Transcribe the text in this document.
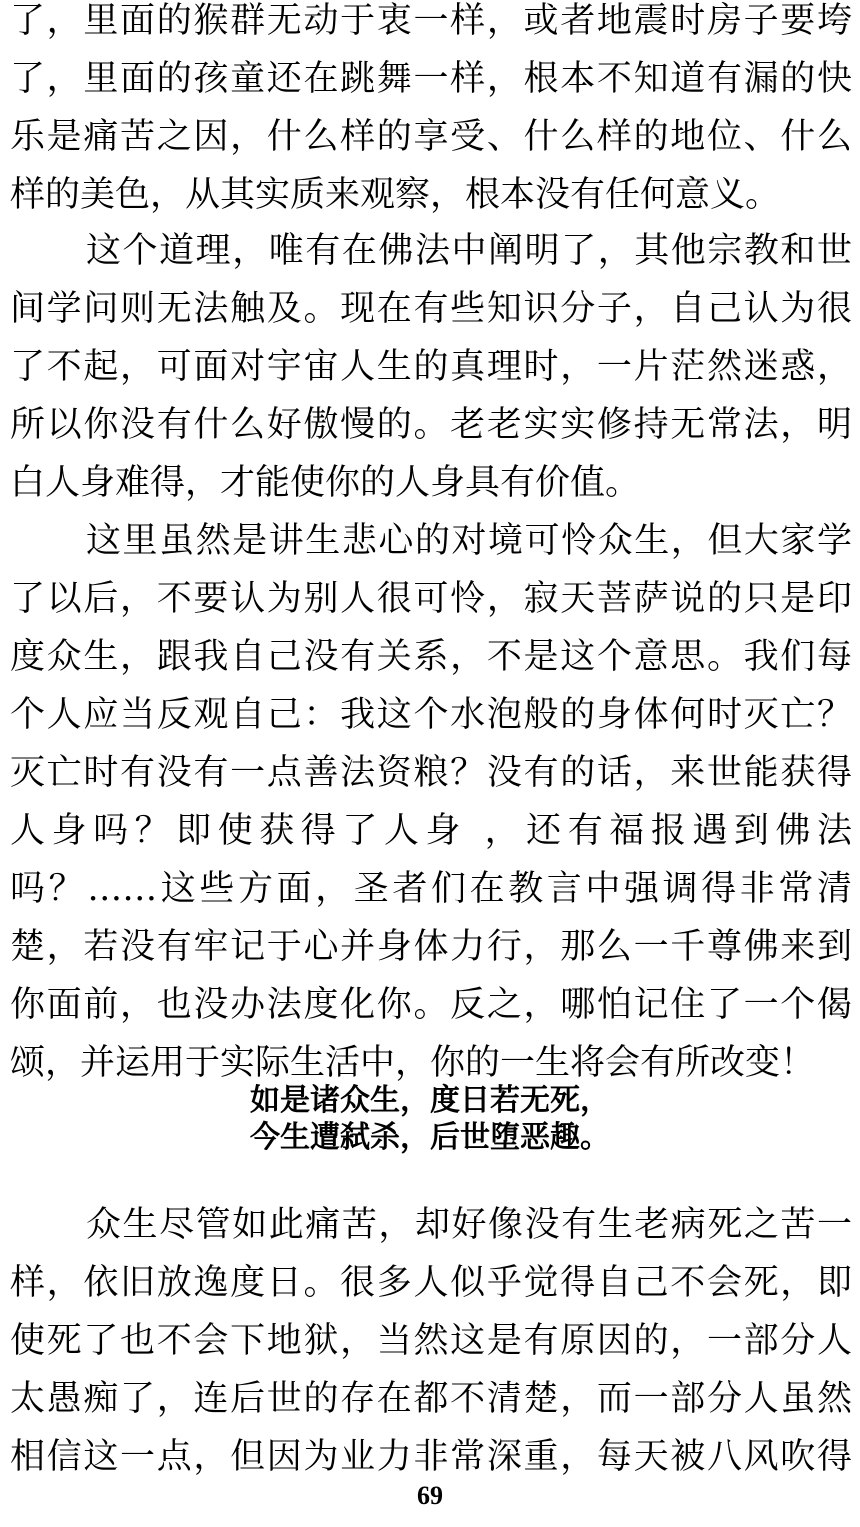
了，里面的猴群无动于衷一样，或者地震时房子要垮
了，里面的孩童还在跳舞一样，根本不知道有漏的快
乐是痛苦之因，什么样的享受、什么样的地位、什么
样的美色，从其实质来观察，根本没有任何意义。
这个道理，唯有在佛法中阐明了，其他宗教和世
间学问则无法触及。现在有些知识分子，自己认为很
了不起，可面对宇宙人生的真理时，一片茫然迷惑，
所以你没有什么好傲慢的。老老实实修持无常法，明
白人身难得，才能使你的人身具有价值。
这里虽然是讲生悲心的对境可怜众生，但大家学
了以后，不要认为别人很可怜，寂天菩萨说的只是印
度众生，跟我自己没有关系，不是这个意思。我们每
个人应当反观自己：我这个水泡般的身体何时灭亡？
灭亡时有没有一点善法资粮？没有的话，来世能获得
人身吗？即使获得了人身 ，还有福报遇到佛法
吗？……这些方面，圣者们在教言中强调得非常清
楚，若没有牢记于心并身体力行，那么一千尊佛来到
你面前，也没办法度化你。反之，哪怕记住了一个偈
颂，并运用于实际生活中，你的一生将会有所改变！
如是诸众生，度日若无死，
今生遭弑杀，后世堕恶趣。
众生尽管如此痛苦，却好像没有生老病死之苦一
样，依旧放逸度日。很多人似乎觉得自己不会死，即
使死了也不会下地狱，当然这是有原因的，一部分人
太愚痴了，连后世的存在都不清楚，而一部分人虽然
相信这一点，但因为业力非常深重，每天被八风吹得
69
